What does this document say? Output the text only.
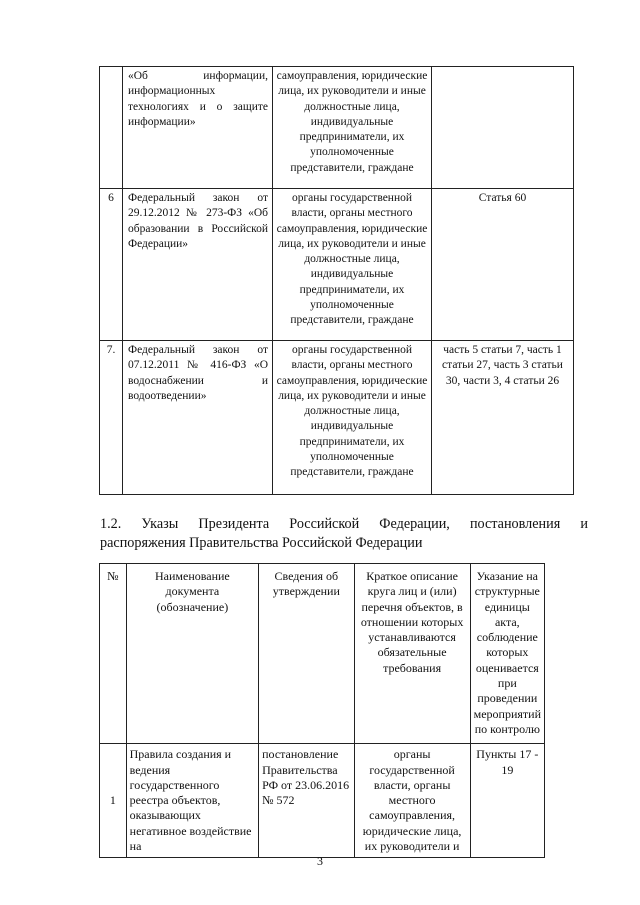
	«Об информации, информационных технологиях и о защите информации»	самоуправления, юридические лица, их руководители и иные должностные лица, индивидуальные предприниматели, их уполномоченные представители, граждане	
6	Федеральный закон от 29.12.2012 № 273-ФЗ «Об образовании в Российской Федерации»	органы государственной власти, органы местного самоуправления, юридические лица, их руководители и иные должностные лица, индивидуальные предприниматели, их уполномоченные представители, граждане	Статья 60
7.	Федеральный закон от 07.12.2011 № 416-ФЗ «О водоснабжении и водоотведении»	органы государственной власти, органы местного самоуправления, юридические лица, их руководители и иные должностные лица, индивидуальные предприниматели, их уполномоченные представители, граждане	часть 5 статьи 7, часть 1 статьи 27, часть 3 статьи 30, части 3, 4 статьи 26
1.2. Указы Президента Российской Федерации, постановления и
распоряжения Правительства Российской Федерации
№	Наименование документа (обозначение)	Сведения об утверждении	Краткое описание круга лиц и (или) перечня объектов, в отношении которых устанавливаются обязательные требования	Указание на структурные единицы акта, соблюдение которых оценивается при проведении мероприятий по контролю
1	Правила создания и ведения государственного реестра объектов, оказывающих негативное воздействие на	постановление Правительства РФ от 23.06.2016 № 572	органы государственной власти, органы местного самоуправления, юридические лица, их руководители и	Пункты 17 - 19
3
